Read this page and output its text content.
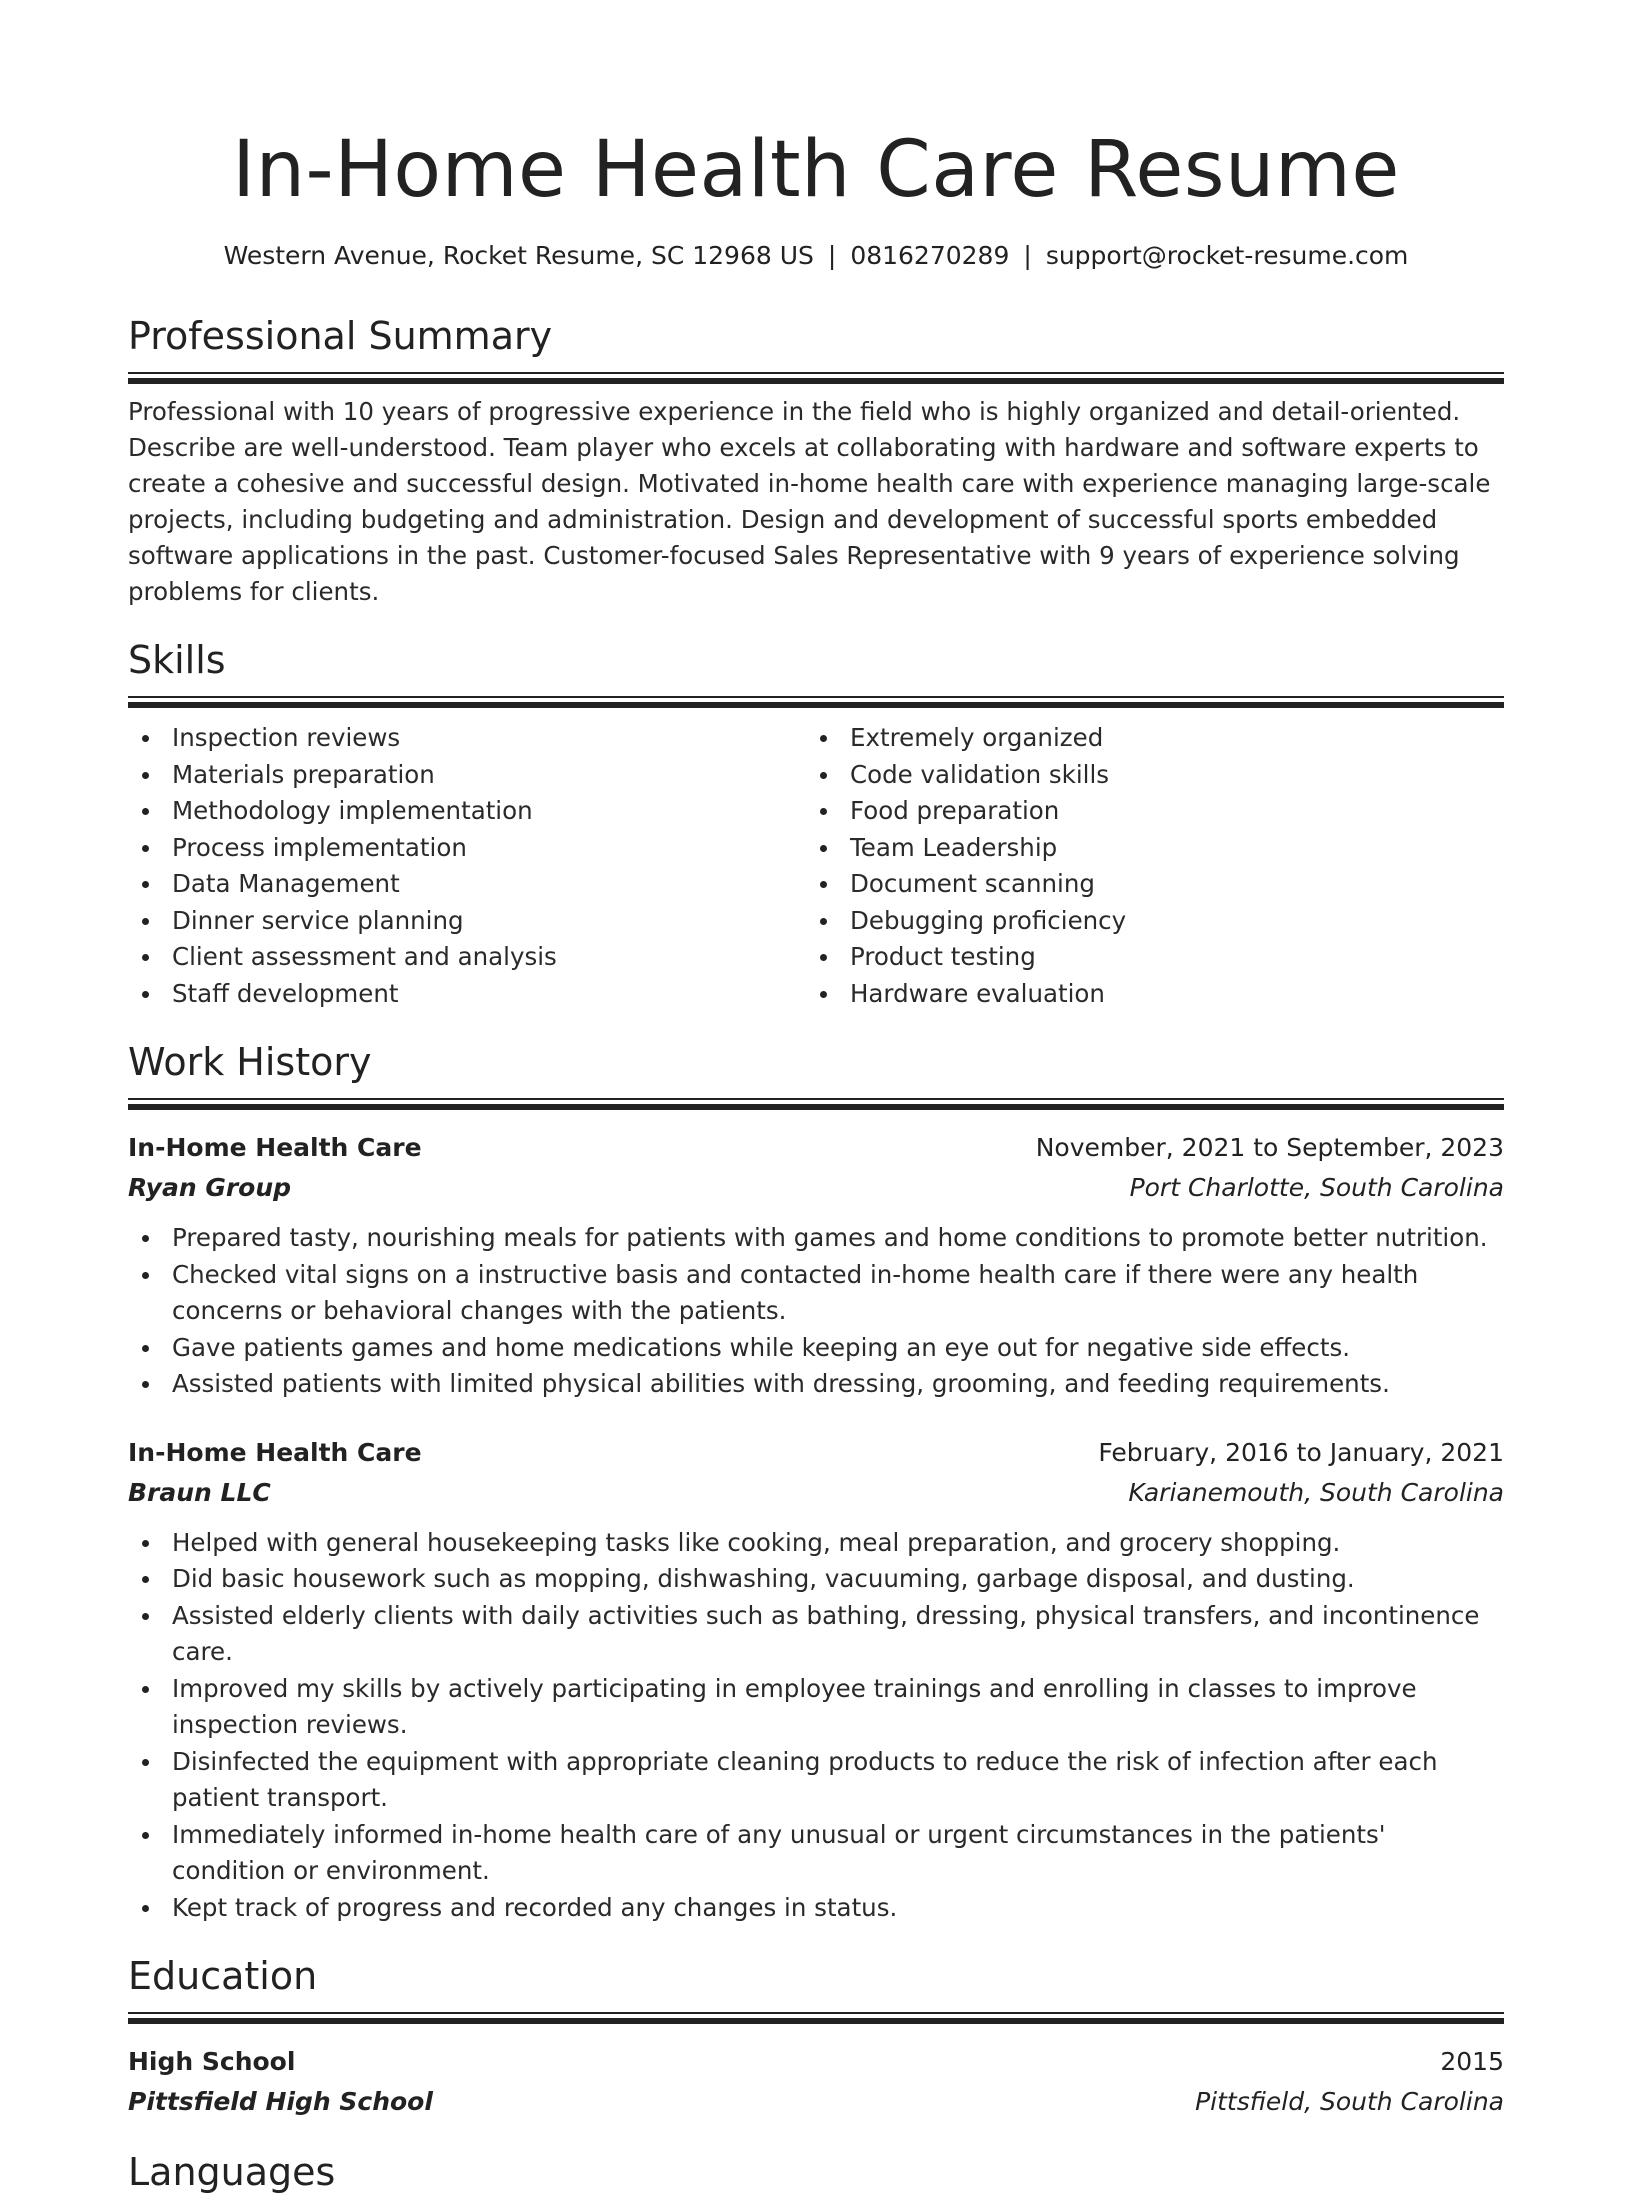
In-Home Health Care Resume
Western Avenue, Rocket Resume, SC 12968 US | 0816270289 | support@rocket-resume.com
Professional Summary

Professional with 10 years of progressive experience in the field who is highly organized and detail-oriented. Describe are well-understood. Team player who excels at collaborating with hardware and software experts to create a cohesive and successful design. Motivated in-home health care with experience managing large-scale projects, including budgeting and administration. Design and development of successful sports embedded software applications in the past. Customer-focused Sales Representative with 9 years of experience solving problems for clients.

Skills
Inspection reviews
Materials preparation
Methodology implementation
Process implementation
Data Management
Dinner service planning
Client assessment and analysis
Staff development
Extremely organized
Code validation skills
Food preparation
Team Leadership
Document scanning
Debugging proficiency
Product testing
Hardware evaluation
Work History
In-Home Health Care	November, 2021 to September, 2023
Ryan Group	Port Charlotte, South Carolina
Prepared tasty, nourishing meals for patients with games and home conditions to promote better nutrition.
Checked vital signs on a instructive basis and contacted in-home health care if there were any health concerns or behavioral changes with the patients.
Gave patients games and home medications while keeping an eye out for negative side effects.
Assisted patients with limited physical abilities with dressing, grooming, and feeding requirements.
In-Home Health Care	February, 2016 to January, 2021
Braun LLC	Karianemouth, South Carolina
Helped with general housekeeping tasks like cooking, meal preparation, and grocery shopping.
Did basic housework such as mopping, dishwashing, vacuuming, garbage disposal, and dusting.
Assisted elderly clients with daily activities such as bathing, dressing, physical transfers, and incontinence care.
Improved my skills by actively participating in employee trainings and enrolling in classes to improve inspection reviews.
Disinfected the equipment with appropriate cleaning products to reduce the risk of infection after each patient transport.
Immediately informed in-home health care of any unusual or urgent circumstances in the patients' condition or environment.
Kept track of progress and recorded any changes in status.
Education
High School	2015
Pittsfield High School	Pittsfield, South Carolina
Languages
